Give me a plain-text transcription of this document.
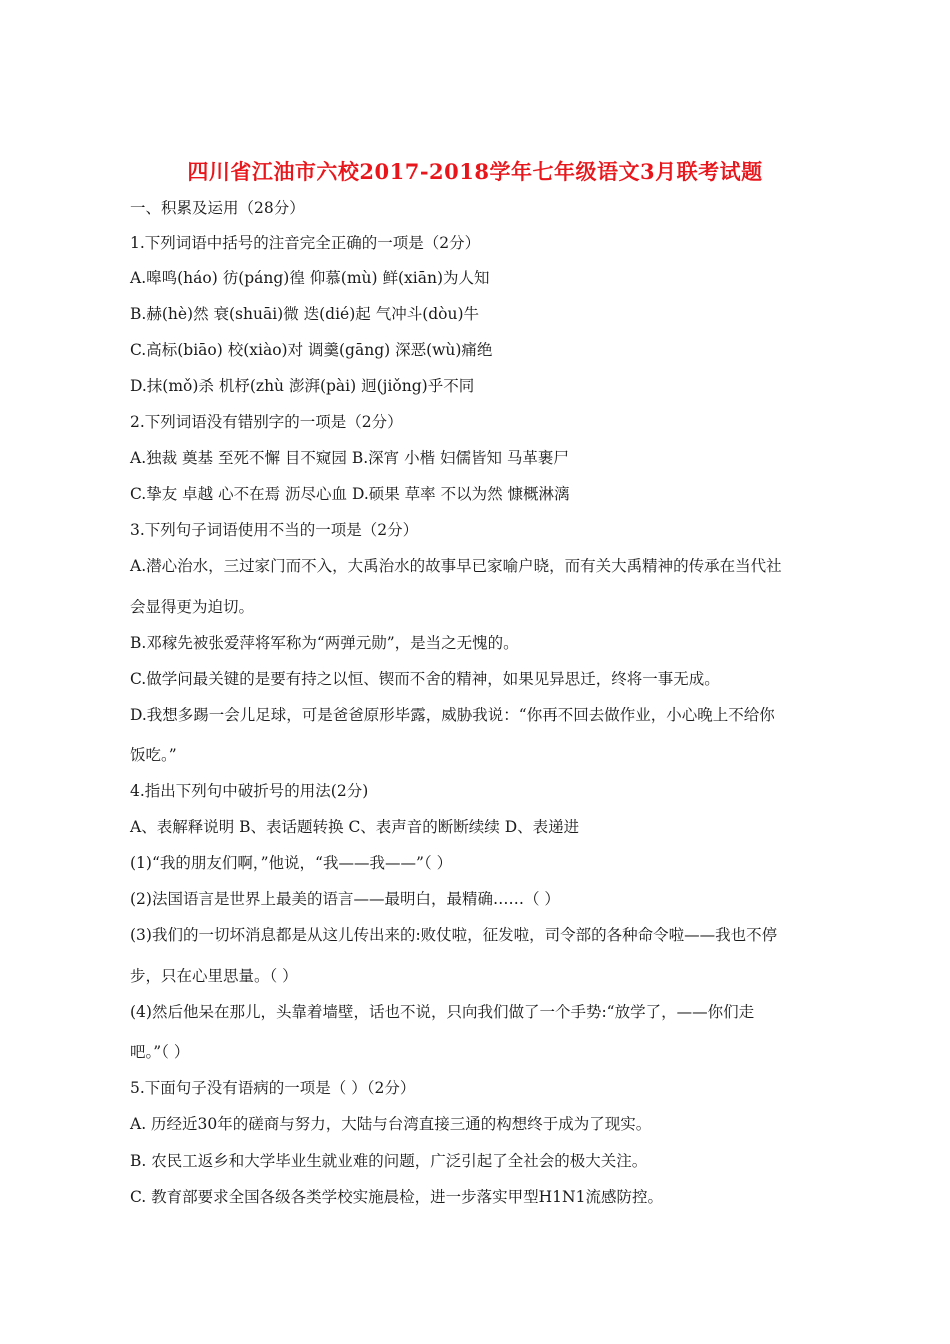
四川省江油市六校2017-2018学年七年级语文3月联考试题
一、积累及运用（28分）
1.下列词语中括号的注音完全正确的一项是（2分）
A.嗥鸣(háo) 彷(páng)徨 仰慕(mù) 鲜(xiān)为人知
B.赫(hè)然 衰(shuāi)微 迭(dié)起 气冲斗(dòu)牛
C.高标(biāo) 校(xiào)对 调羹(gāng) 深恶(wù)痛绝
D.抹(mǒ)杀 机杼(zhù 澎湃(pài) 迥(jiǒng)乎不同
2.下列词语没有错别字的一项是（2分）
A.独裁 奠基 至死不懈 目不窥园 B.深宵 小楷 妇儒皆知 马革裹尸
C.挚友 卓越 心不在焉 沥尽心血 D.硕果 草率 不以为然 慷概淋漓
3.下列句子词语使用不当的一项是（2分）
A.潜心治水，三过家门而不入，大禹治水的故事早已家喻户晓，而有关大禹精神的传承在当代社
会显得更为迫切。
B.邓稼先被张爱萍将军称为“两弹元勋”，是当之无愧的。
C.做学问最关键的是要有持之以恒、锲而不舍的精神，如果见异思迁，终将一事无成。
D.我想多踢一会儿足球，可是爸爸原形毕露，威胁我说：“你再不回去做作业，小心晚上不给你
饭吃。”
4.指出下列句中破折号的用法(2分)
A、表解释说明 B、表话题转换 C、表声音的断断续续 D、表递进
(1)“我的朋友们啊，”他说，“我——我——”（ ）
(2)法国语言是世界上最美的语言——最明白，最精确……（ ）
(3)我们的一切坏消息都是从这儿传出来的:败仗啦，征发啦，司令部的各种命令啦——我也不停
步，只在心里思量。（ ）
(4)然后他呆在那儿，头靠着墙壁，话也不说，只向我们做了一个手势:“放学了，——你们走
吧。”（ ）
5.下面句子没有语病的一项是（ ）（2分）
A. 历经近30年的磋商与努力，大陆与台湾直接三通的构想终于成为了现实。
B. 农民工返乡和大学毕业生就业难的问题，广泛引起了全社会的极大关注。
C. 教育部要求全国各级各类学校实施晨检，进一步落实甲型H1N1流感防控。
